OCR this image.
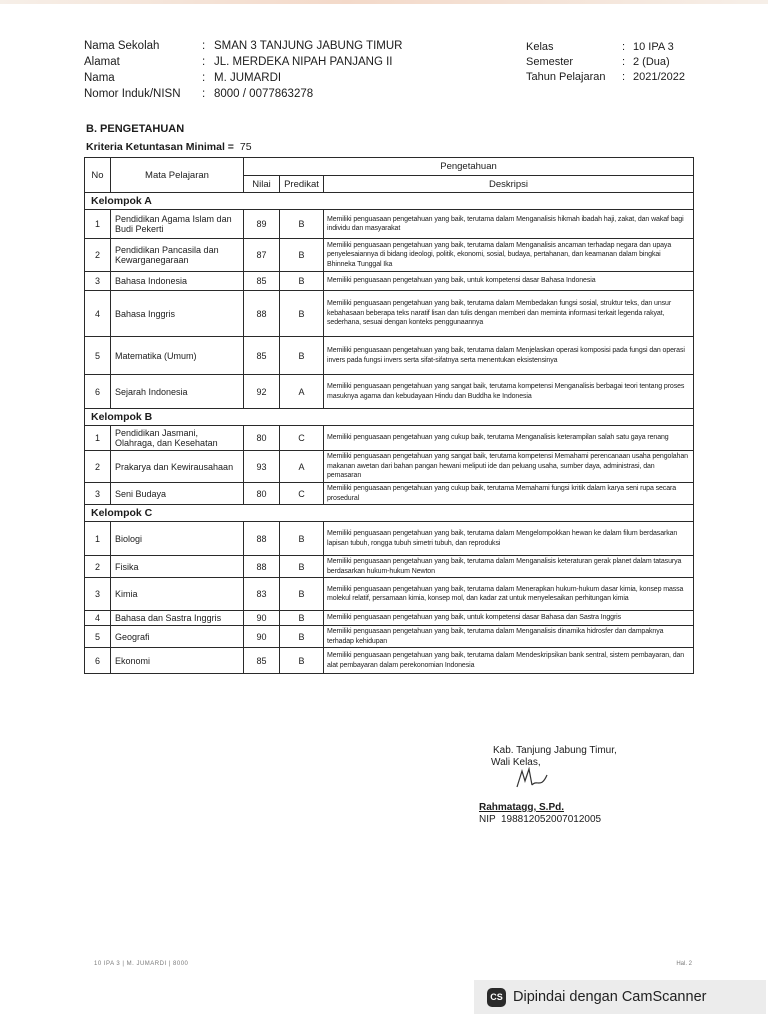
Nama Sekolah	: SMAN 3 TANJUNG JABUNG TIMUR
Alamat	: JL. MERDEKA NIPAH PANJANG II
Nama	: M. JUMARDI
Nomor Induk/NISN	: 8000 / 0077863278
Kelas	: 10 IPA 3
Semester	: 2 (Dua)
Tahun Pelajaran	: 2021/2022
B. PENGETAHUAN
Kriteria Ketuntasan Minimal = 75
No	Mata Pelajaran	Pengetahuan		
		Nilai	Predikat	Deskripsi
Kelompok A				
1	Pendidikan Agama Islam dan Budi Pekerti	89	B	Memiliki penguasaan pengetahuan yang baik, terutama dalam Menganalisis hikmah ibadah haji, zakat, dan wakaf bagi individu dan masyarakat
2	Pendidikan Pancasila dan Kewarganegaraan	87	B	Memiliki penguasaan pengetahuan yang baik, terutama dalam Menganalisis ancaman terhadap negara dan upaya penyelesaiannya di bidang ideologi, politik, ekonomi, sosial, budaya, pertahanan, dan keamanan dalam bingkai Bhinneka Tunggal Ika
3	Bahasa Indonesia	85	B	Memiliki penguasaan pengetahuan yang baik, untuk kompetensi dasar Bahasa Indonesia
4	Bahasa Inggris	88	B	Memiliki penguasaan pengetahuan yang baik, terutama dalam Membedakan fungsi sosial, struktur teks, dan unsur kebahasaan beberapa teks naratif lisan dan tulis dengan memberi dan meminta informasi terkait legenda rakyat, sederhana, sesuai dengan konteks penggunaannya
5	Matematika (Umum)	85	B	Memiliki penguasaan pengetahuan yang baik, terutama dalam Menjelaskan operasi komposisi pada fungsi dan operasi invers pada fungsi invers serta sifat-sifatnya serta menentukan eksistensinya
6	Sejarah Indonesia	92	A	Memiliki penguasaan pengetahuan yang sangat baik, terutama kompetensi Menganalisis berbagai teori tentang proses masuknya agama dan kebudayaan Hindu dan Buddha ke Indonesia
Kelompok B				
1	Pendidikan Jasmani, Olahraga, dan Kesehatan	80	C	Memiliki penguasaan pengetahuan yang cukup baik, terutama Menganalisis keterampilan salah satu gaya renang
2	Prakarya dan Kewirausahaan	93	A	Memiliki penguasaan pengetahuan yang sangat baik, terutama kompetensi Memahami perencanaan usaha pengolahan makanan awetan dari bahan pangan hewani meliputi ide dan peluang usaha, sumber daya, administrasi, dan pemasaran
3	Seni Budaya	80	C	Memiliki penguasaan pengetahuan yang cukup baik, terutama Memahami fungsi kritik dalam karya seni rupa secara prosedural
Kelompok C				
1	Biologi	88	B	Memiliki penguasaan pengetahuan yang baik, terutama dalam Mengelompokkan hewan ke dalam filum berdasarkan lapisan tubuh, rongga tubuh simetri tubuh, dan reproduksi
2	Fisika	88	B	Memiliki penguasaan pengetahuan yang baik, terutama dalam Menganalisis keteraturan gerak planet dalam tatasurya berdasarkan hukum-hukum Newton
3	Kimia	83	B	Memiliki penguasaan pengetahuan yang baik, terutama dalam Menerapkan hukum-hukum dasar kimia, konsep massa molekul relatif, persamaan kimia, konsep mol, dan kadar zat untuk menyelesaikan perhitungan kimia
4	Bahasa dan Sastra Inggris	90	B	Memiliki penguasaan pengetahuan yang baik, untuk kompetensi dasar Bahasa dan Sastra Inggris
5	Geografi	90	B	Memiliki penguasaan pengetahuan yang baik, terutama dalam Menganalisis dinamika hidrosfer dan dampaknya terhadap kehidupan
6	Ekonomi	85	B	Memiliki penguasaan pengetahuan yang baik, terutama dalam Mendeskripsikan bank sentral, sistem pembayaran, dan alat pembayaran dalam perekonomian Indonesia
Kab. Tanjung Jabung Timur,
Wali Kelas,
Rahmatagg, S.Pd.
NIP 198812052007012005
10 IPA 3 | M. JUMARDI | 8000	Hal. 2
CS Dipindai dengan CamScanner
